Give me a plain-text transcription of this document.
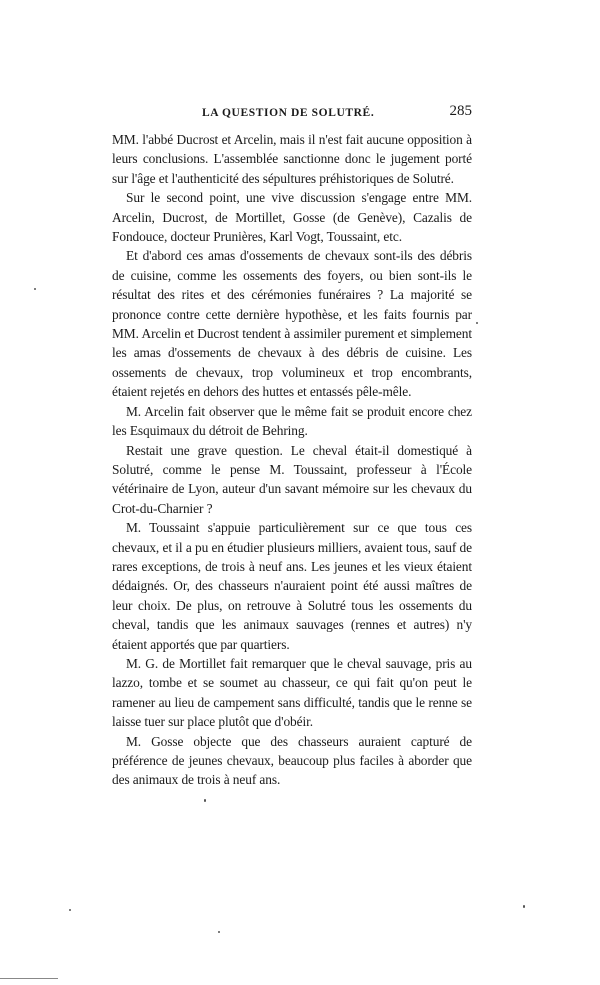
LA QUESTION DE SOLUTRÉ.	285

MM. l'abbé Ducrost et Arcelin, mais il n'est fait aucune opposition à leurs conclusions. L'assemblée sanctionne donc le jugement porté sur l'âge et l'authenticité des sépultures préhistoriques de Solutré.

Sur le second point, une vive discussion s'engage entre MM. Arcelin, Ducrost, de Mortillet, Gosse (de Genève), Cazalis de Fondouce, docteur Prunières, Karl Vogt, Toussaint, etc.

Et d'abord ces amas d'ossements de chevaux sont-ils des débris de cuisine, comme les ossements des foyers, ou bien sont-ils le résultat des rites et des cérémonies funéraires ? La majorité se prononce contre cette dernière hypothèse, et les faits fournis par MM. Arcelin et Ducrost tendent à assimiler purement et simplement les amas d'ossements de chevaux à des débris de cuisine. Les ossements de chevaux, trop volumineux et trop encombrants, étaient rejetés en dehors des huttes et entassés pêle-mêle.

M. Arcelin fait observer que le même fait se produit encore chez les Esquimaux du détroit de Behring.

Restait une grave question. Le cheval était-il domestiqué à Solutré, comme le pense M. Toussaint, professeur à l'École vétérinaire de Lyon, auteur d'un savant mémoire sur les chevaux du Crot-du-Charnier ?

M. Toussaint s'appuie particulièrement sur ce que tous ces chevaux, et il a pu en étudier plusieurs milliers, avaient tous, sauf de rares exceptions, de trois à neuf ans. Les jeunes et les vieux étaient dédaignés. Or, des chasseurs n'auraient point été aussi maîtres de leur choix. De plus, on retrouve à Solutré tous les ossements du cheval, tandis que les animaux sauvages (rennes et autres) n'y étaient apportés que par quartiers.

M. G. de Mortillet fait remarquer que le cheval sauvage, pris au lazzo, tombe et se soumet au chasseur, ce qui fait qu'on peut le ramener au lieu de campement sans difficulté, tandis que le renne se laisse tuer sur place plutôt que d'obéir.

M. Gosse objecte que des chasseurs auraient capturé de préférence de jeunes chevaux, beaucoup plus faciles à aborder que des animaux de trois à neuf ans.
